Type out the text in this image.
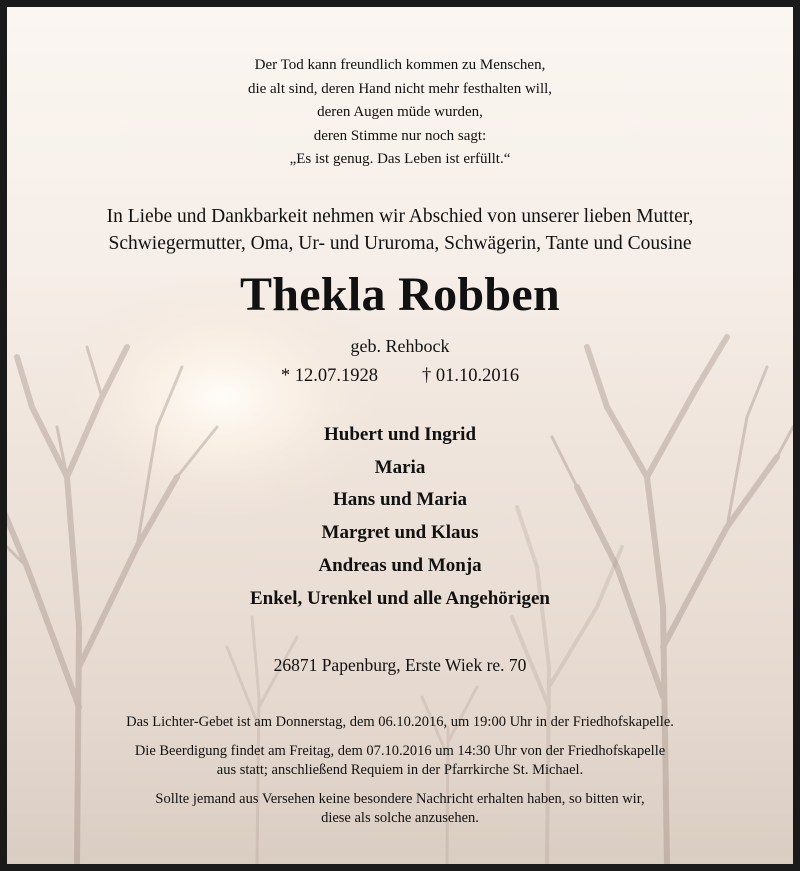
Der Tod kann freundlich kommen zu Menschen,
die alt sind, deren Hand nicht mehr festhalten will,
deren Augen müde wurden,
deren Stimme nur noch sagt:
„Es ist genug. Das Leben ist erfüllt.“
In Liebe und Dankbarkeit nehmen wir Abschied von unserer lieben Mutter,
Schwiegermutter, Oma, Ur- und Ururoma, Schwägerin, Tante und Cousine
Thekla Robben
geb. Rehbock
* 12.07.1928 † 01.10.2016
Hubert und Ingrid
Maria
Hans und Maria
Margret und Klaus
Andreas und Monja
Enkel, Urenkel und alle Angehörigen
26871 Papenburg, Erste Wiek re. 70
Das Lichter-Gebet ist am Donnerstag, dem 06.10.2016, um 19:00 Uhr in der Friedhofskapelle.
Die Beerdigung findet am Freitag, dem 07.10.2016 um 14:30 Uhr von der Friedhofskapelle
aus statt; anschließend Requiem in der Pfarrkirche St. Michael.
Sollte jemand aus Versehen keine besondere Nachricht erhalten haben, so bitten wir,
diese als solche anzusehen.
